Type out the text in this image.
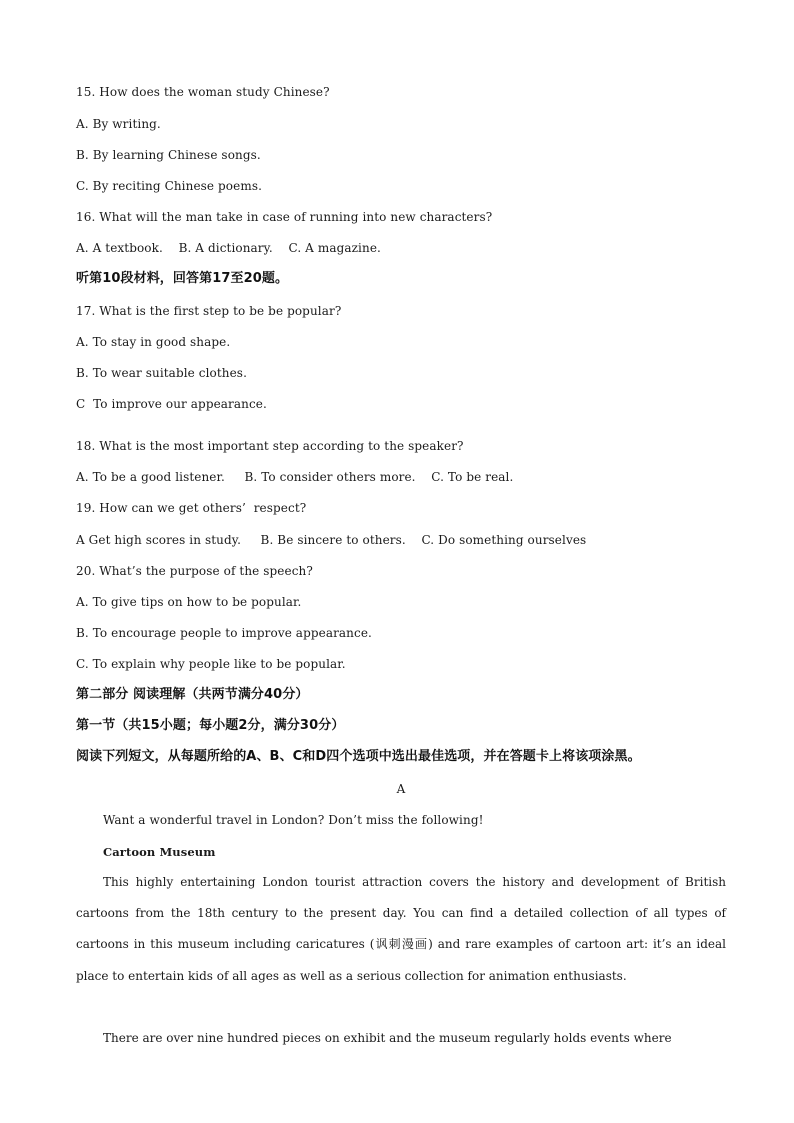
15. How does the woman study Chinese?
A. By writing.
B. By learning Chinese songs.
C. By reciting Chinese poems.
16. What will the man take in case of running into new characters?
A. A textbook.    B. A dictionary.    C. A magazine.
听第10段材料，回答第17至20题。
17. What is the first step to be be popular?
A. To stay in good shape.
B. To wear suitable clothes.
C  To improve our appearance.
18. What is the most important step according to the speaker?
A. To be a good listener.     B. To consider others more.    C. To be real.
19. How can we get others’  respect?
A Get high scores in study.     B. Be sincere to others.    C. Do something ourselves
20. What’s the purpose of the speech?
A. To give tips on how to be popular.
B. To encourage people to improve appearance.
C. To explain why people like to be popular.
第二部分 阅读理解（共两节满分40分）
第一节（共15小题；每小题2分，满分30分）
阅读下列短文，从每题所给的A、B、C和D四个选项中选出最佳选项，并在答题卡上将该项涂黑。
A
Want a wonderful travel in London? Don’t miss the following!
Cartoon Museum

This highly entertaining London tourist attraction covers the history and development of British cartoons from the 18th century to the present day. You can find a detailed collection of all types of cartoons in this museum including caricatures (讽刺漫画) and rare examples of cartoon art: it’s an ideal place to entertain kids of all ages as well as a serious collection for animation enthusiasts.

There are over nine hundred pieces on exhibit and the museum regularly holds events where
